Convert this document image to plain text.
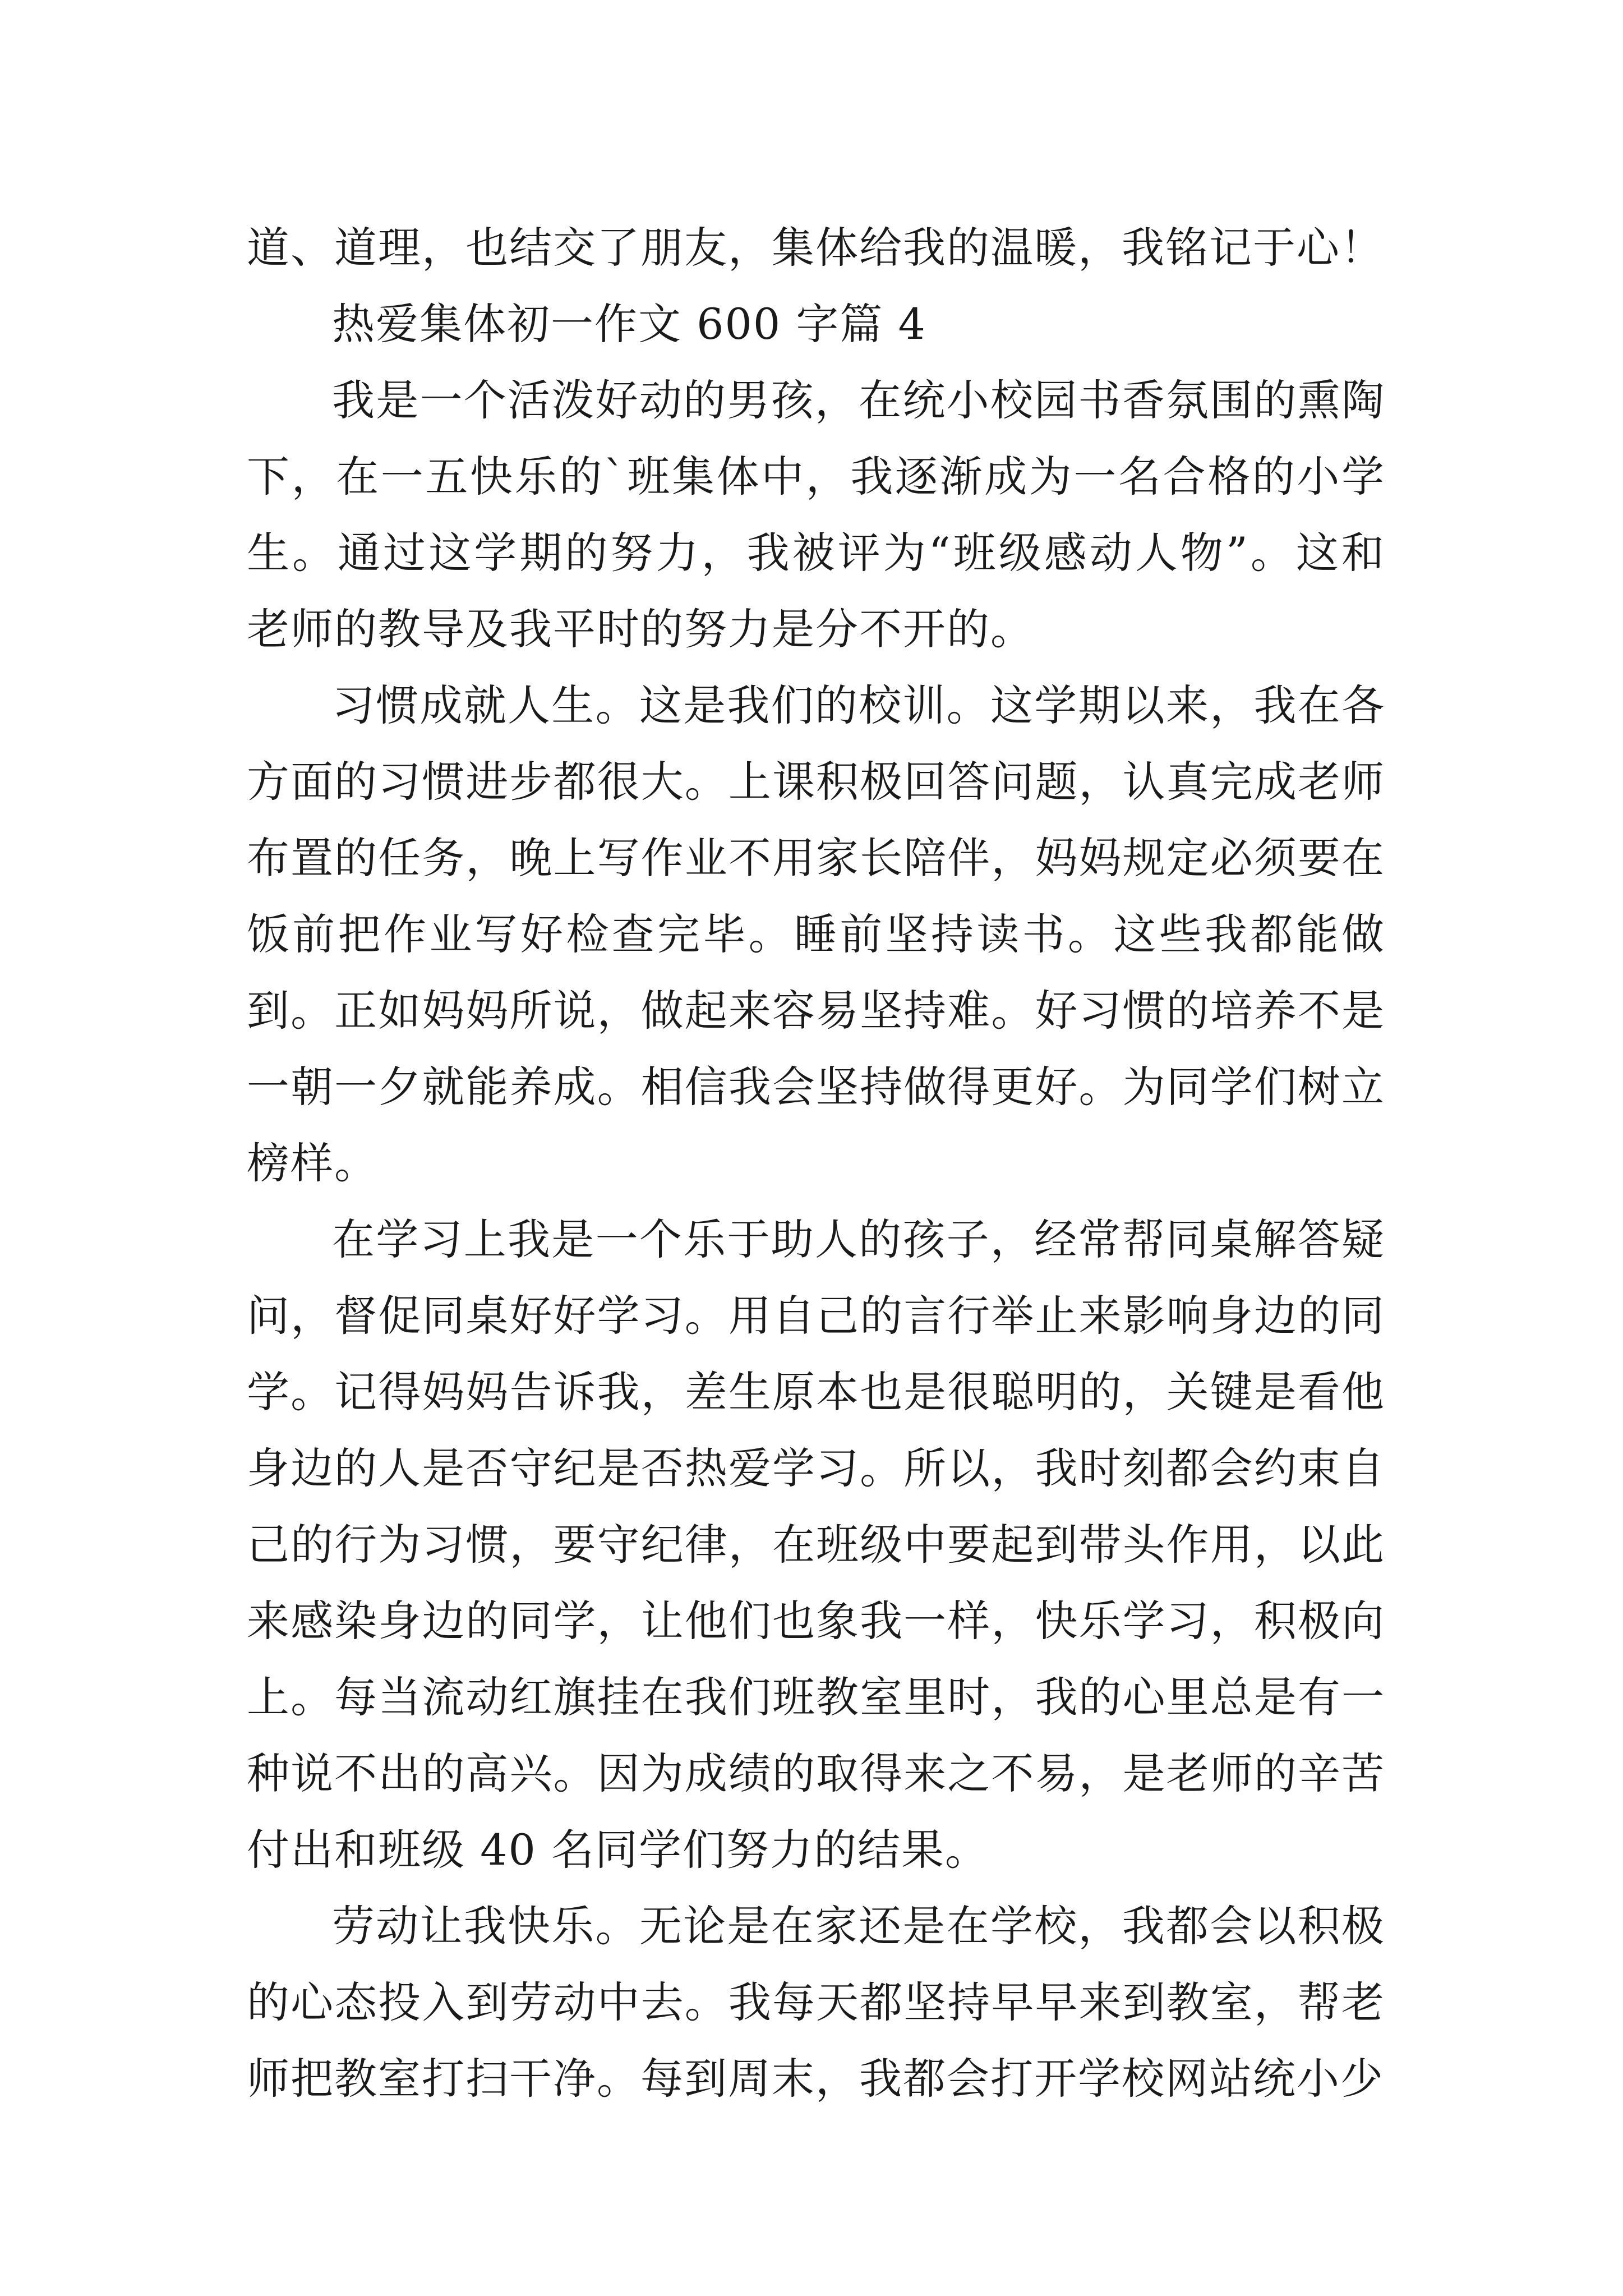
道、道理，也结交了朋友，集体给我的温暖，我铭记于心！

热爱集体初一作文 600 字篇 4

我是一个活泼好动的男孩，在统小校园书香氛围的熏陶下，在一五快乐的`班集体中，我逐渐成为一名合格的小学生。通过这学期的努力，我被评为“班级感动人物”。这和老师的教导及我平时的努力是分不开的。

习惯成就人生。这是我们的校训。这学期以来，我在各方面的习惯进步都很大。上课积极回答问题，认真完成老师布置的任务，晚上写作业不用家长陪伴，妈妈规定必须要在饭前把作业写好检查完毕。睡前坚持读书。这些我都能做到。正如妈妈所说，做起来容易坚持难。好习惯的培养不是一朝一夕就能养成。相信我会坚持做得更好。为同学们树立榜样。

在学习上我是一个乐于助人的孩子，经常帮同桌解答疑问，督促同桌好好学习。用自己的言行举止来影响身边的同学。记得妈妈告诉我，差生原本也是很聪明的，关键是看他身边的人是否守纪是否热爱学习。所以，我时刻都会约束自己的行为习惯，要守纪律，在班级中要起到带头作用，以此来感染身边的同学，让他们也象我一样，快乐学习，积极向上。每当流动红旗挂在我们班教室里时，我的心里总是有一种说不出的高兴。因为成绩的取得来之不易，是老师的辛苦付出和班级 40 名同学们努力的结果。

劳动让我快乐。无论是在家还是在学校，我都会以积极的心态投入到劳动中去。我每天都坚持早早来到教室，帮老师把教室打扫干净。每到周末，我都会打开学校网站统小少
